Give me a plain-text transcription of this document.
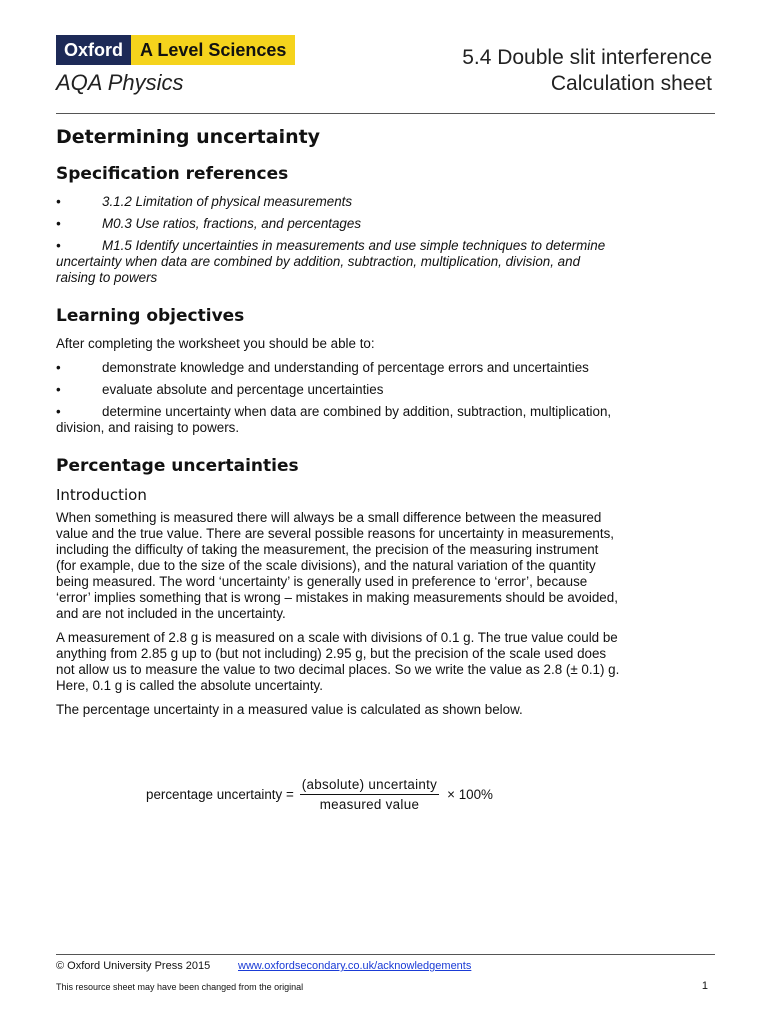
Oxford A Level Sciences
AQA Physics
5.4 Double slit interference
Calculation sheet
Determining uncertainty
Specification references
•	3.1.2 Limitation of physical measurements
•	M0.3 Use ratios, fractions, and percentages
•	M1.5 Identify uncertainties in measurements and use simple techniques to determine uncertainty when data are combined by addition, subtraction, multiplication, division, and raising to powers
Learning objectives

After completing the worksheet you should be able to:

•	demonstrate knowledge and understanding of percentage errors and uncertainties
•	evaluate absolute and percentage uncertainties
•	determine uncertainty when data are combined by addition, subtraction, multiplication, division, and raising to powers.
Percentage uncertainties
Introduction

When something is measured there will always be a small difference between the measured value and the true value. There are several possible reasons for uncertainty in measurements, including the difficulty of taking the measurement, the precision of the measuring instrument (for example, due to the size of the scale divisions), and the natural variation of the quantity being measured. The word ‘uncertainty’ is generally used in preference to ‘error’, because ‘error’ implies something that is wrong – mistakes in making measurements should be avoided, and are not included in the uncertainty.

A measurement of 2.8 g is measured on a scale with divisions of 0.1 g. The true value could be anything from 2.85 g up to (but not including) 2.95 g, but the precision of the scale used does not allow us to measure the value to two decimal places. So we write the value as 2.8 (± 0.1) g. Here, 0.1 g is called the absolute uncertainty.

The percentage uncertainty in a measured value is calculated as shown below.

percentage uncertainty = $\frac{\text{(absolute) uncertainty}}{\text{measured value}} \times 100\%$
© Oxford University Press 2015	www.oxfordsecondary.co.uk/acknowledgements
This resource sheet may have been changed from the original	1
